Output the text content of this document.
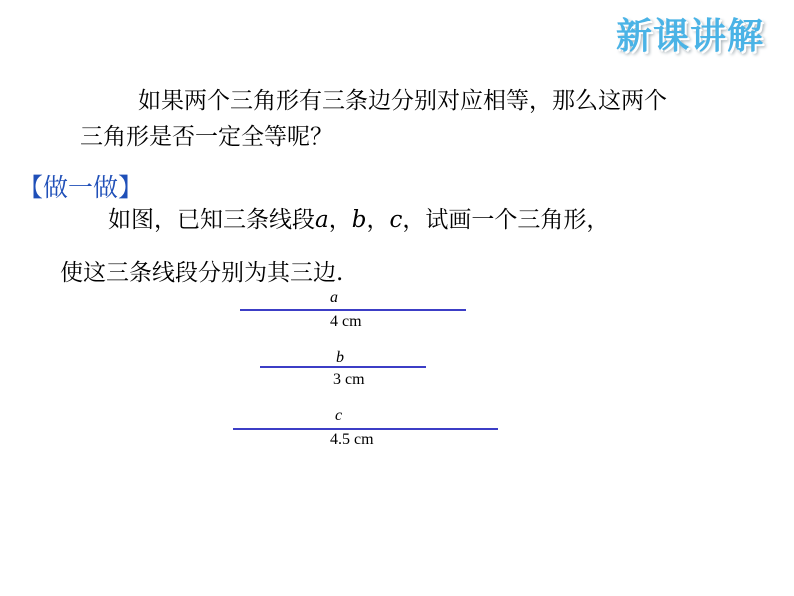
新课讲解
如果两个三角形有三条边分别对应相等，那么这两个
三角形是否一定全等呢？
【做一做】
如图，已知三条线段a，b，c，试画一个三角形，
使这三条线段分别为其三边.
a
4 cm
b
3 cm
c
4.5 cm
